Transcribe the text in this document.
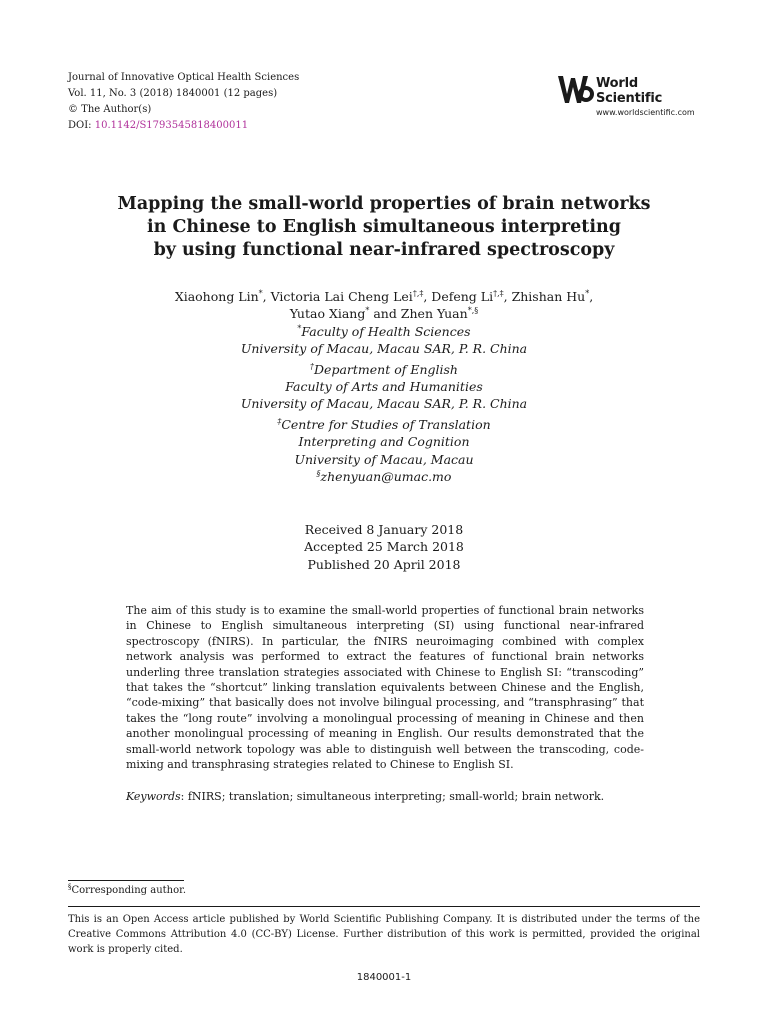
Journal of Innovative Optical Health Sciences
Vol. 11, No. 3 (2018) 1840001 (12 pages)
© The Author(s)
DOI: 10.1142/S1793545818400011
World Scientific
www.worldscientific.com
Mapping the small-world properties of brain networks
in Chinese to English simultaneous interpreting
by using functional near-infrared spectroscopy
Xiaohong Lin*, Victoria Lai Cheng Lei†,‡, Defeng Li†,‡, Zhishan Hu*,
Yutao Xiang* and Zhen Yuan*,§
*Faculty of Health Sciences
University of Macau, Macau SAR, P. R. China
†Department of English
Faculty of Arts and Humanities
University of Macau, Macau SAR, P. R. China
‡Centre for Studies of Translation
Interpreting and Cognition
University of Macau, Macau
§zhenyuan@umac.mo
Received 8 January 2018
Accepted 25 March 2018
Published 20 April 2018
The aim of this study is to examine the small-world properties of functional brain networks in Chinese to English simultaneous interpreting (SI) using functional near-infrared spectroscopy (fNIRS). In particular, the fNIRS neuroimaging combined with complex network analysis was performed to extract the features of functional brain networks underling three translation strategies associated with Chinese to English SI: “transcoding” that takes the “shortcut” linking translation equivalents between Chinese and the English, “code-mixing” that basically does not involve bilingual processing, and “transphrasing” that takes the “long route” involving a monolingual processing of meaning in Chinese and then another monolingual processing of meaning in English. Our results demonstrated that the small-world network topology was able to distinguish well between the transcoding, code-mixing and transphrasing strategies related to Chinese to English SI.
Keywords: fNIRS; translation; simultaneous interpreting; small-world; brain network.
§Corresponding author.
This is an Open Access article published by World Scientific Publishing Company. It is distributed under the terms of the Creative Commons Attribution 4.0 (CC-BY) License. Further distribution of this work is permitted, provided the original work is properly cited.
1840001-1
